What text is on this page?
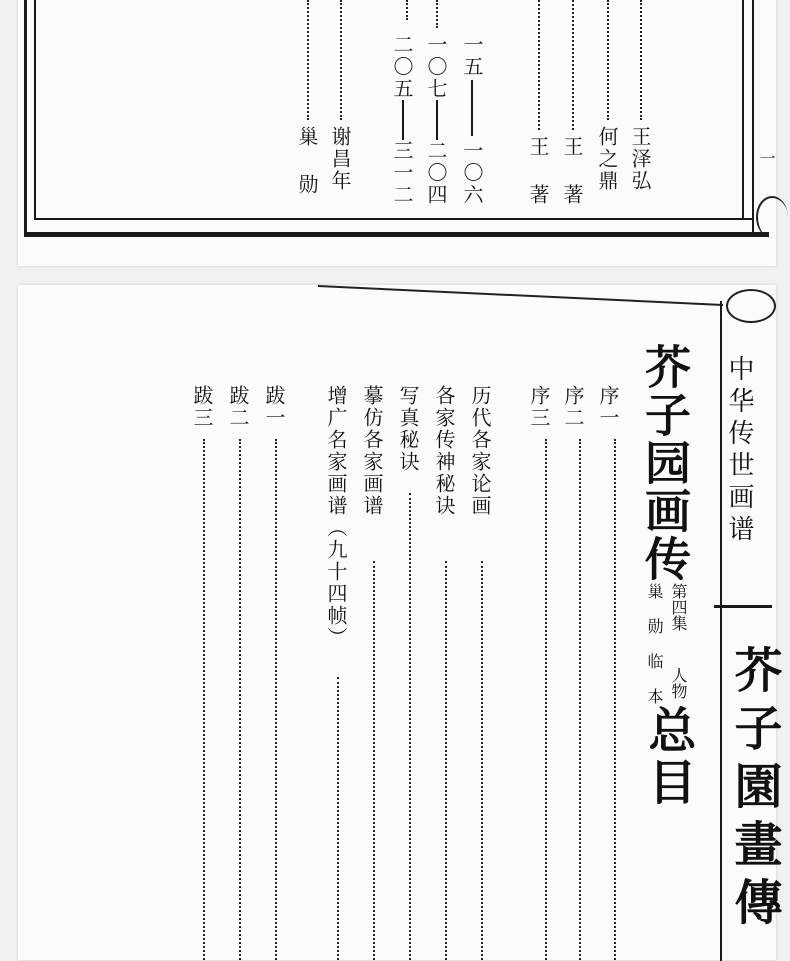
一
王泽弘
何之鼎
王 著
王 著
一五
一〇六
一〇七
二〇四
二〇五
三一二
谢昌年
巢 勋
中华传世画谱
芥子園畫傳
芥子园画传
第四集
巢 勋 临 本 人物
总目
序一
序二
序三
历代各家论画
各家传神秘诀
写真秘诀
摹仿各家画谱
增广名家画谱（九十四帧）
跋一
跋二
跋三
